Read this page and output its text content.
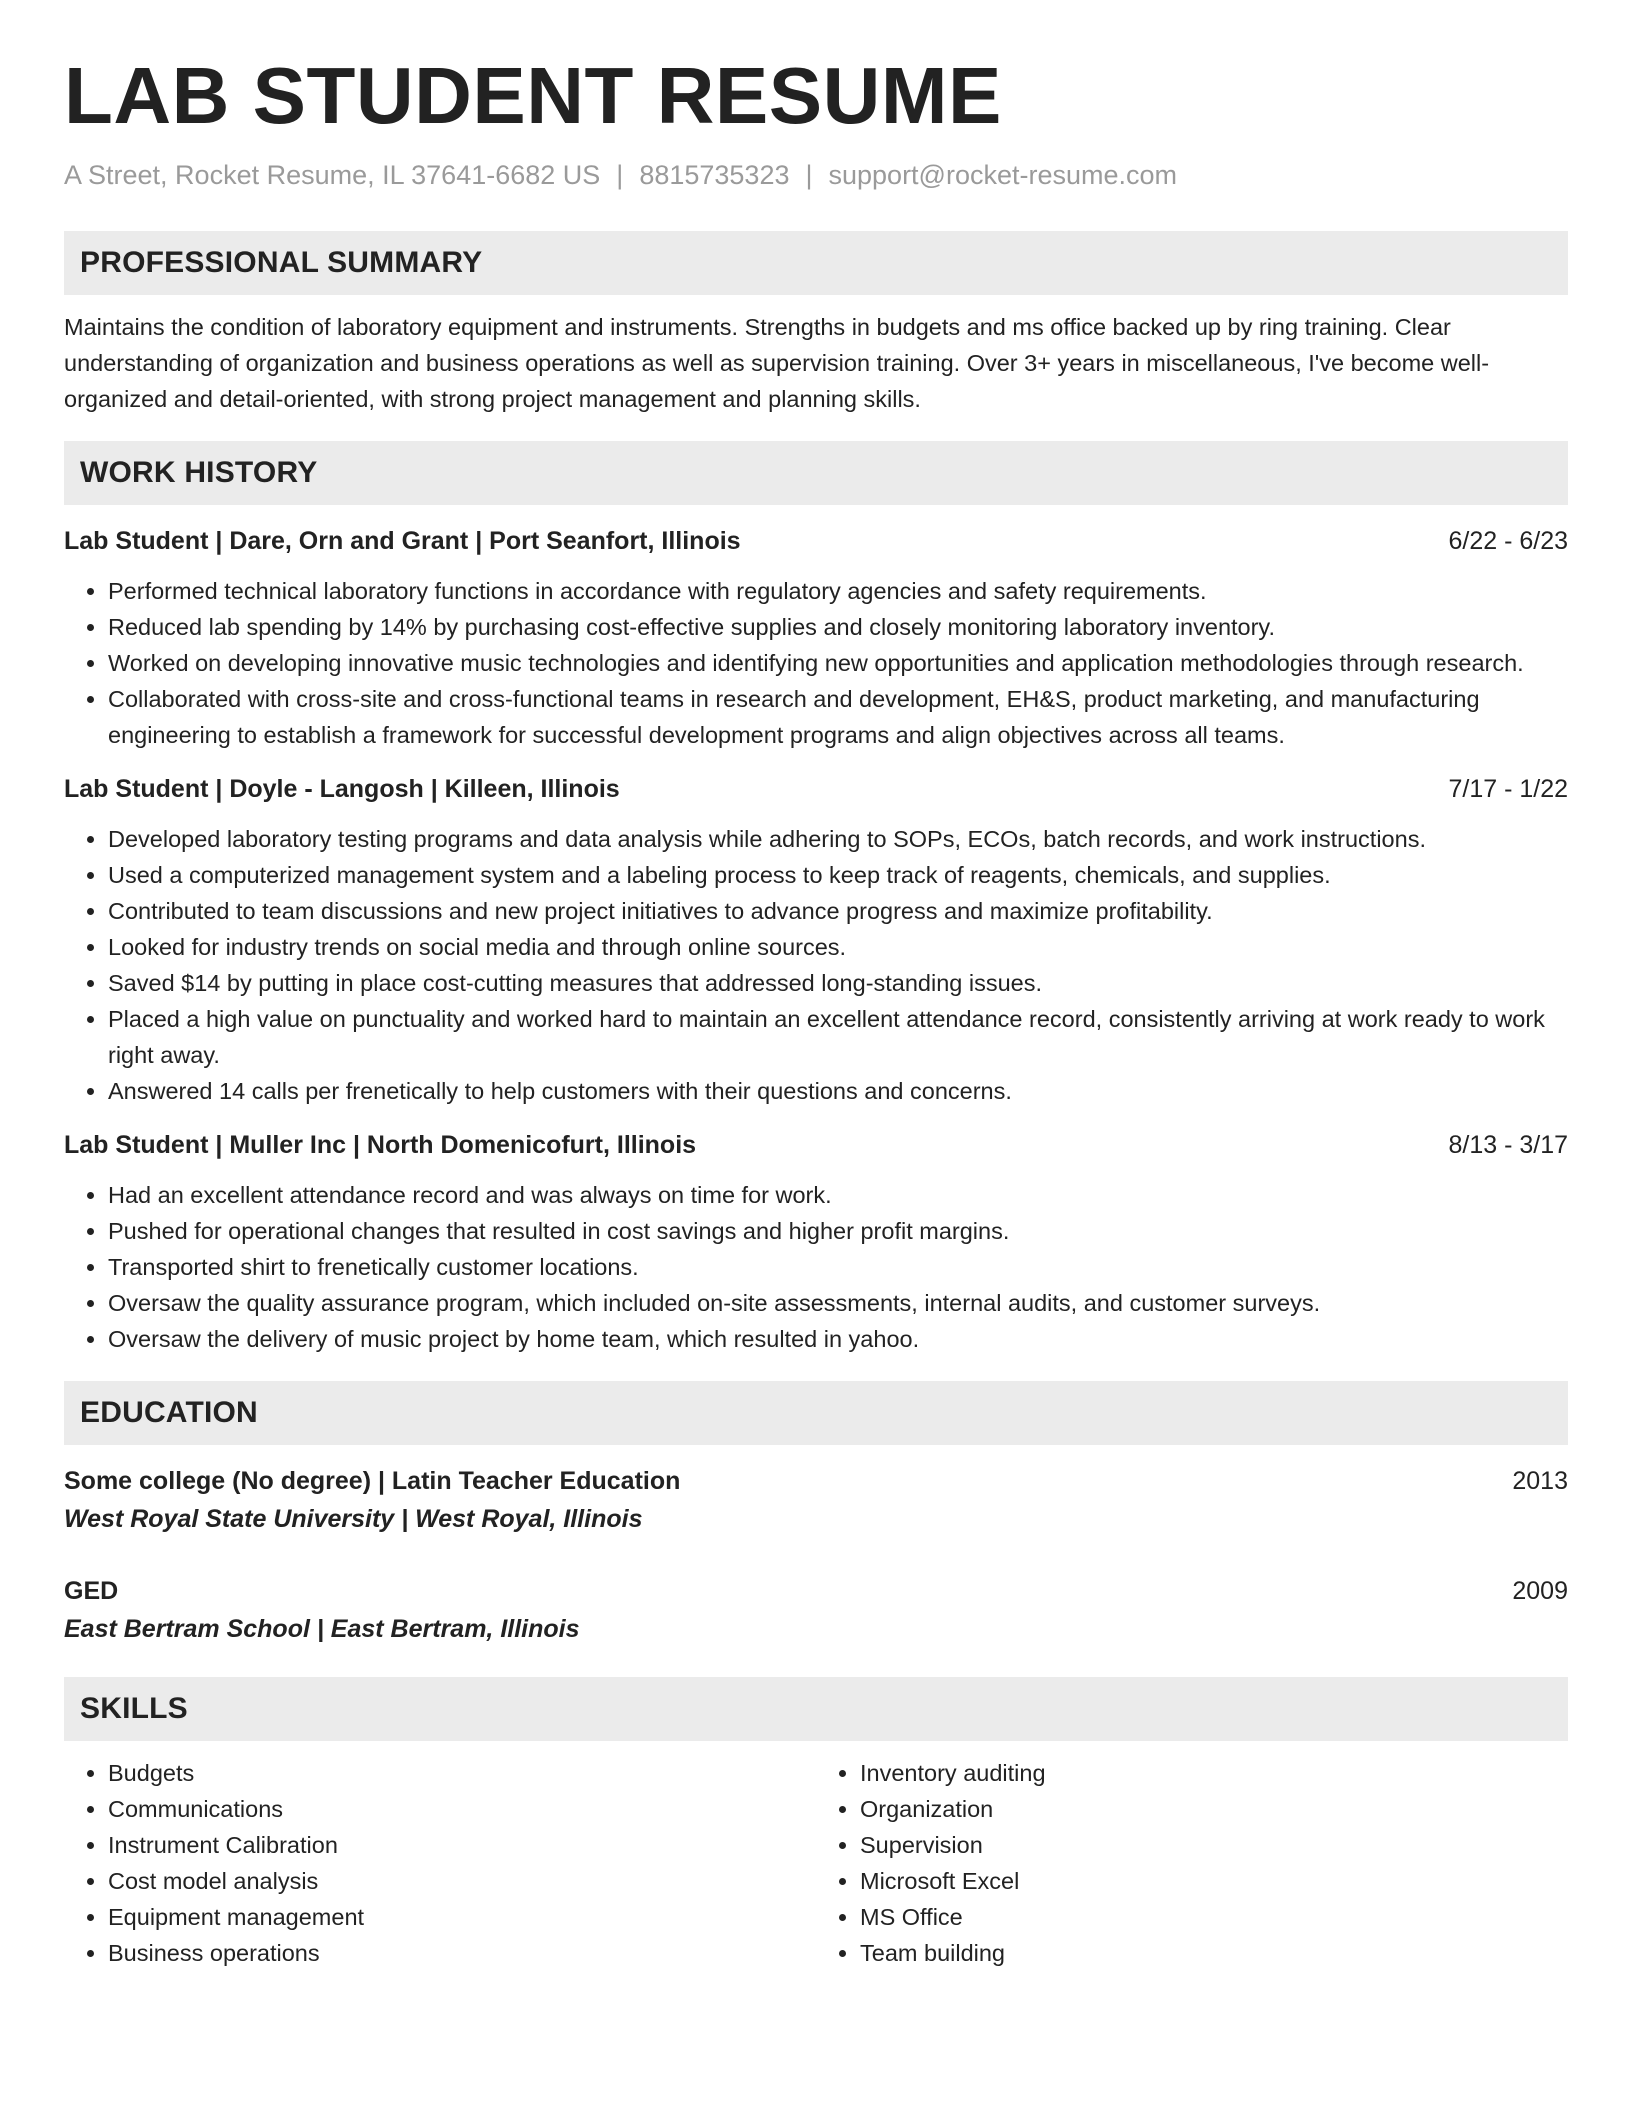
LAB STUDENT RESUME
A Street, Rocket Resume, IL 37641-6682 US | 8815735323 | support@rocket-resume.com
PROFESSIONAL SUMMARY

Maintains the condition of laboratory equipment and instruments. Strengths in budgets and ms office backed up by ring training. Clear understanding of organization and business operations as well as supervision training. Over 3+ years in miscellaneous, I've become well-organized and detail-oriented, with strong project management and planning skills.

WORK HISTORY
Lab Student | Dare, Orn and Grant | Port Seanfort, Illinois	6/22 - 6/23
• Performed technical laboratory functions in accordance with regulatory agencies and safety requirements.
• Reduced lab spending by 14% by purchasing cost-effective supplies and closely monitoring laboratory inventory.
• Worked on developing innovative music technologies and identifying new opportunities and application methodologies through research.
• Collaborated with cross-site and cross-functional teams in research and development, EH&S, product marketing, and manufacturing engineering to establish a framework for successful development programs and align objectives across all teams.
Lab Student | Doyle - Langosh | Killeen, Illinois	7/17 - 1/22
• Developed laboratory testing programs and data analysis while adhering to SOPs, ECOs, batch records, and work instructions.
• Used a computerized management system and a labeling process to keep track of reagents, chemicals, and supplies.
• Contributed to team discussions and new project initiatives to advance progress and maximize profitability.
• Looked for industry trends on social media and through online sources.
• Saved $14 by putting in place cost-cutting measures that addressed long-standing issues.
• Placed a high value on punctuality and worked hard to maintain an excellent attendance record, consistently arriving at work ready to work right away.
• Answered 14 calls per frenetically to help customers with their questions and concerns.
Lab Student | Muller Inc | North Domenicofurt, Illinois	8/13 - 3/17
• Had an excellent attendance record and was always on time for work.
• Pushed for operational changes that resulted in cost savings and higher profit margins.
• Transported shirt to frenetically customer locations.
• Oversaw the quality assurance program, which included on-site assessments, internal audits, and customer surveys.
• Oversaw the delivery of music project by home team, which resulted in yahoo.
EDUCATION
Some college (No degree) | Latin Teacher Education	2013
West Royal State University | West Royal, Illinois
GED	2009
East Bertram School | East Bertram, Illinois
SKILLS
• Budgets
• Communications
• Instrument Calibration
• Cost model analysis
• Equipment management
• Business operations
• Inventory auditing
• Organization
• Supervision
• Microsoft Excel
• MS Office
• Team building
